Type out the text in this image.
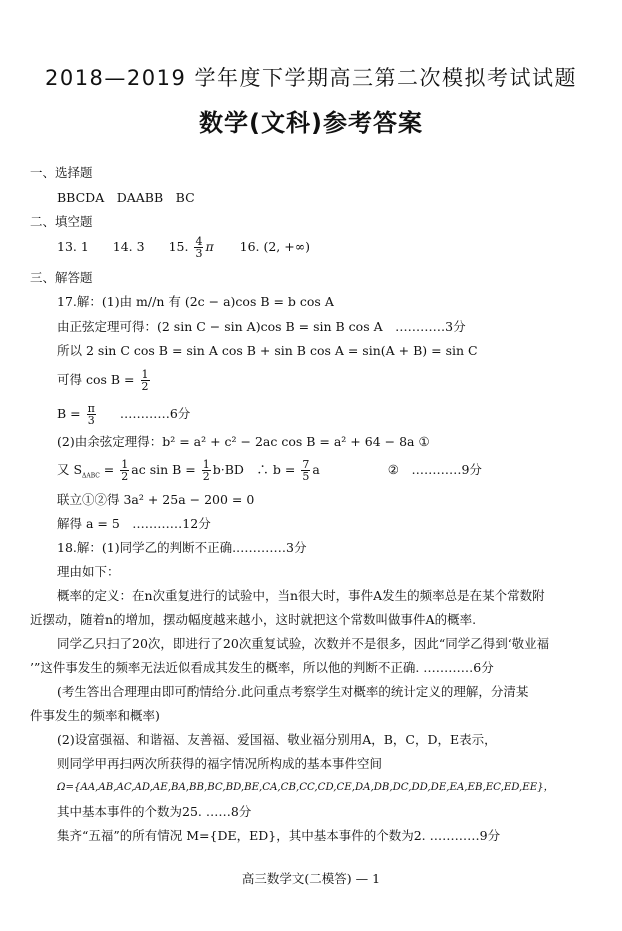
2018—2019 学年度下学期高三第二次模拟考试试题
数学(文科)参考答案
一、选择题
BBCDA　DAABB　BC
二、填空题
13. 1 14. 3 15. $\frac{4}{3}$ π 16. (2, +∞)
三、解答题
17.解：(1)由 m//n 有 (2c − a)cos B = b cos A
由正弦定理可得：(2 sin C − sin A)cos B = sin B cos A　…………3分
所以 2 sin C cos B = sin A cos B + sin B cos A = sin(A + B) = sin C
可得 $\cos B = \frac{1}{2}$
$B = \frac{\pi}{3}$ …………6分
(2)由余弦定理得：b² = a² + c² − 2ac cos B = a² + 64 − 8a ①
又 $S_{\Delta ABC} = \frac{1}{2}$ ac $\sin B = \frac{1}{2} b\cdot BD$　∴ $b = \frac{7}{5}$ a	②　…………9分
联立①②得 3a² + 25a − 200 = 0
解得 a = 5　…………12分
18.解：(1)同学乙的判断不正确.…………3分
理由如下：
概率的定义：在n次重复进行的试验中，当n很大时，事件A发生的频率总是在某个常数附
近摆动，随着n的增加，摆动幅度越来越小，这时就把这个常数叫做事件A的概率.
同学乙只扫了20次，即进行了20次重复试验，次数并不是很多，因此“同学乙得到‘敬业福
’”这件事发生的频率无法近似看成其发生的概率，所以他的判断不正确. …………6分
(考生答出合理理由即可酌情给分.此问重点考察学生对概率的统计定义的理解，分清某
件事发生的频率和概率)
(2)设富强福、和谐福、友善福、爱国福、敬业福分别用A，B，C，D，E表示，
则同学甲再扫两次所获得的福字情况所构成的基本事件空间
Ω={AA,AB,AC,AD,AE,BA,BB,BC,BD,BE,CA,CB,CC,CD,CE,DA,DB,DC,DD,DE,EA,EB,EC,ED,EE}，
其中基本事件的个数为25. ……8分
集齐“五福”的所有情况 M={DE，ED}，其中基本事件的个数为2. …………9分
高三数学文(二模答) — 1
